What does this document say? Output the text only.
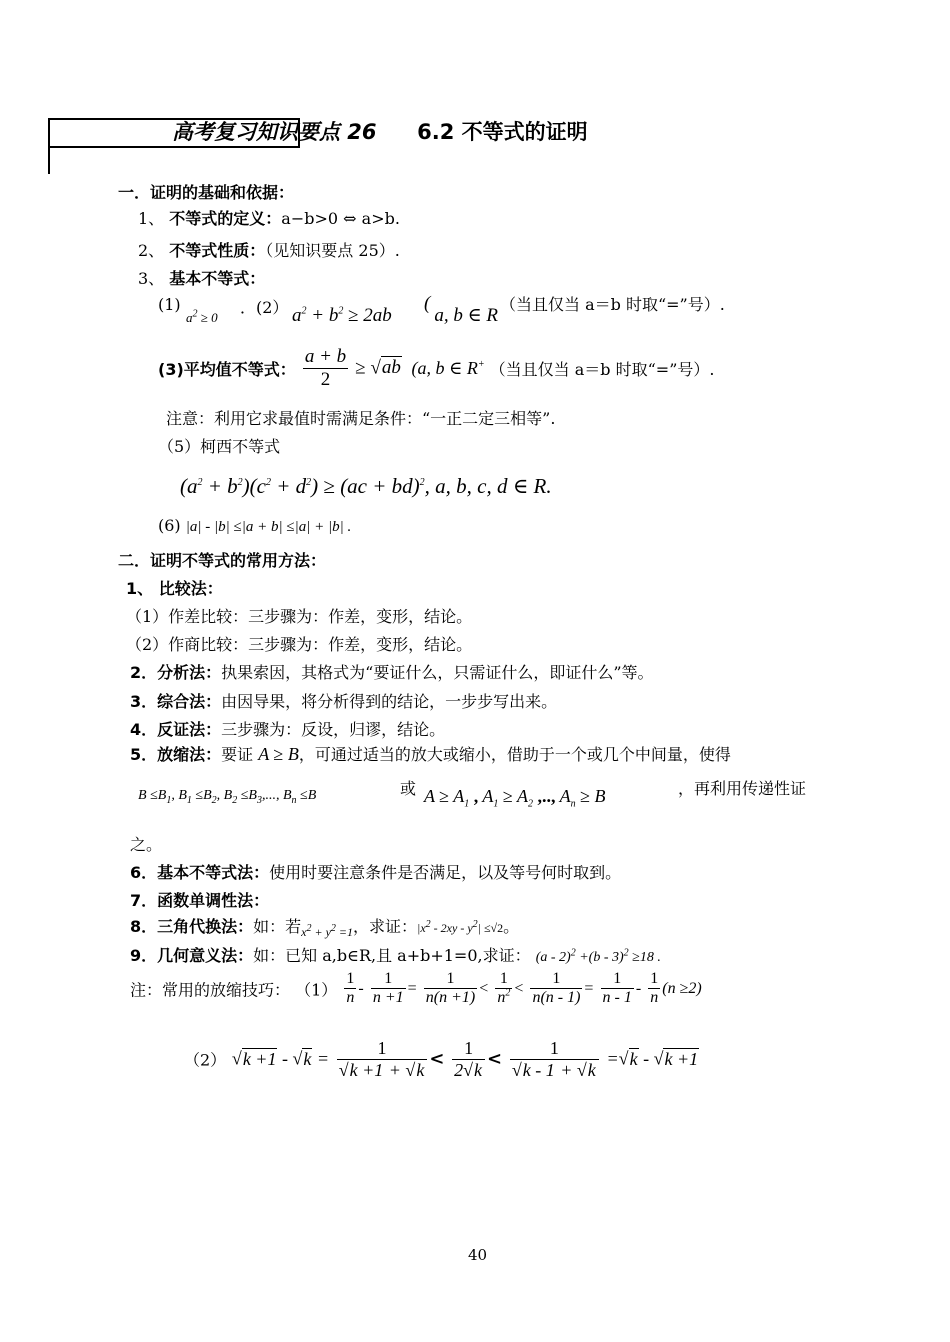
高考复习知识要点 26 6.2 不等式的证明
一．证明的基础和依据：
1、 不等式的定义：a−b>0 ⇔ a>b.
2、 不等式性质：（见知识要点 25）.
3、 基本不等式：
(1)
$a^2 \ge 0$
．(2） $a^2 + b^2 \ge 2ab$
(a, b ∈ R
（当且仅当 a＝b 时取“=”号）.
(3)平均值不等式： $\frac{a + b}{2} \ge √ab$  (a, b ∈ R+ （当且仅当 a＝b 时取“=”号）.
注意：利用它求最值时需满足条件：“一正二定三相等”.
（5）柯西不等式
$(a^2 + b^2)(c^2 + d^2) \ge (ac + bd)^2$, a, b, c, d ∈ R.
(6) |a| - |b| ≤|a + b| ≤|a| + |b| .
二．证明不等式的常用方法：
1、 比较法：
（1）作差比较：三步骤为：作差，变形，结论。
（2）作商比较：三步骤为：作差，变形，结论。
2．分析法：执果索因，其格式为“要证什么，只需证什么，即证什么”等。
3．综合法：由因导果，将分析得到的结论，一步步写出来。
4．反证法：三步骤为：反设，归谬，结论。
5．放缩法：要证 A ≥ B，可通过适当的放大或缩小，借助于一个或几个中间量，使得
$B \le B_1$, $B_1 \le B_2$, $B_2 \le B_3$,..., $B_n \le B$	或 $A \ge A_1$ , $A_1 \ge A_2$ ,.., $A_n \ge B$	，再利用传递性证
之。
6．基本不等式法：使用时要注意条件是否满足，以及等号何时取到。
7．函数单调性法：
8．三角代换法：如：若$_{x^2 + y^2 =1}$，求证：$|x^2 - 2xy - y^2| \le√2$。
9．几何意义法：如：已知 a,b∈R,且 a+b+1=0,求证： (a - 2)$^2$ +(b - 3)$^2$ ≥18 .
注：常用的放缩技巧： $(1) \frac{1}{n} - \frac{1}{n +1} = \frac{1}{n(n +1)} < \frac{1}{n^2} < \frac{1}{n(n - 1)} = \frac{1}{n - 1} - \frac{1}{n} (n \ge 2)$
（2） $√k +1 - √k = \frac{1}{√k +1 + √k} < \frac{1}{2√k} < \frac{1}{√k - 1 + √k} =√k - √k +1$
40
